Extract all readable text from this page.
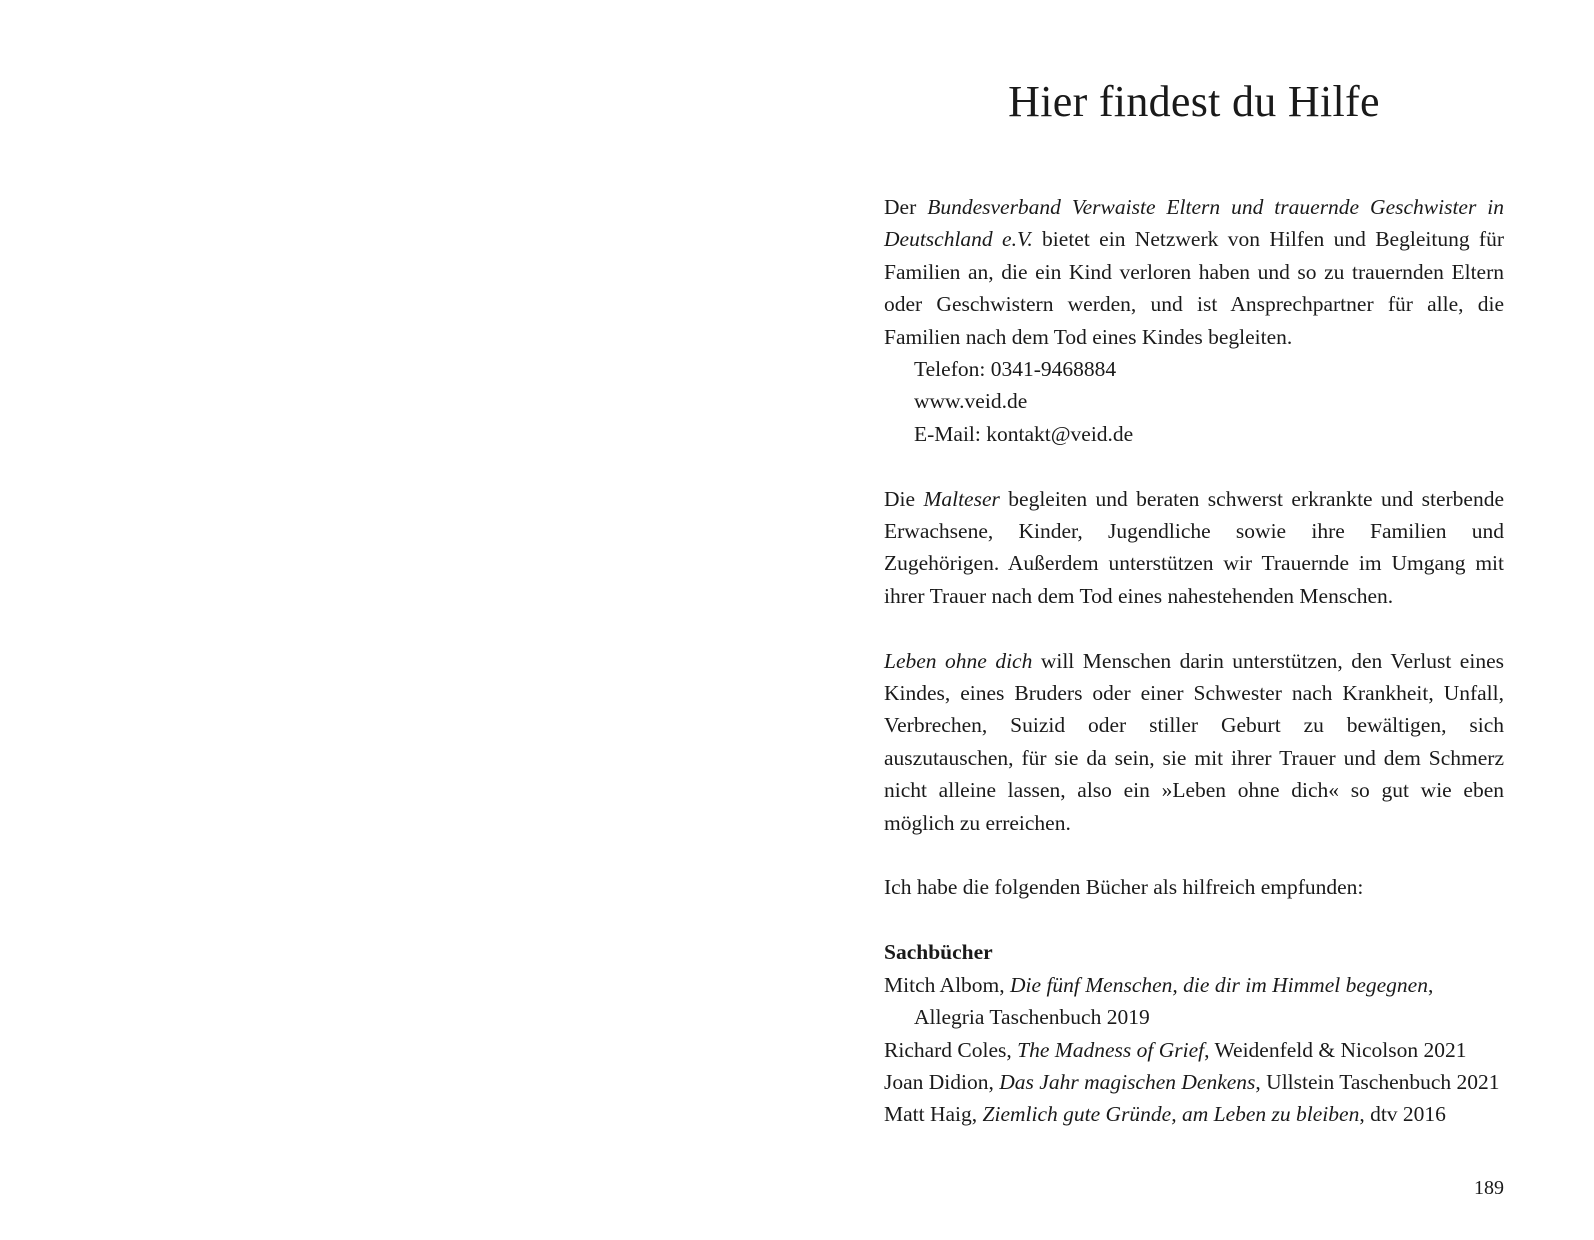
Hier findest du Hilfe

Der Bundesverband Verwaiste Eltern und trauernde Geschwister in Deutschland e.V. bietet ein Netzwerk von Hilfen und Begleitung für Familien an, die ein Kind verloren haben und so zu trauernden Eltern oder Geschwistern werden, und ist Ansprechpartner für alle, die Familien nach dem Tod eines Kindes begleiten.

Telefon: 0341-9468884

www.veid.de

E-Mail: kontakt@veid.de

Die Malteser begleiten und beraten schwerst erkrankte und sterbende Erwachsene, Kinder, Jugendliche sowie ihre Familien und Zugehörigen. Außerdem unterstützen wir Trauernde im Umgang mit ihrer Trauer nach dem Tod eines nahestehenden Menschen.

Leben ohne dich will Menschen darin unterstützen, den Verlust eines Kindes, eines Bruders oder einer Schwester nach Krankheit, Unfall, Verbrechen, Suizid oder stiller Geburt zu bewältigen, sich auszutauschen, für sie da sein, sie mit ihrer Trauer und dem Schmerz nicht alleine lassen, also ein »Leben ohne dich« so gut wie eben möglich zu erreichen.

Ich habe die folgenden Bücher als hilfreich empfunden:

Sachbücher

Mitch Albom, Die fünf Menschen, die dir im Himmel begegnen, Allegria Taschenbuch 2019

Richard Coles, The Madness of Grief, Weidenfeld & Nicolson 2021

Joan Didion, Das Jahr magischen Denkens, Ullstein Taschenbuch 2021

Matt Haig, Ziemlich gute Gründe, am Leben zu bleiben, dtv 2016

189
